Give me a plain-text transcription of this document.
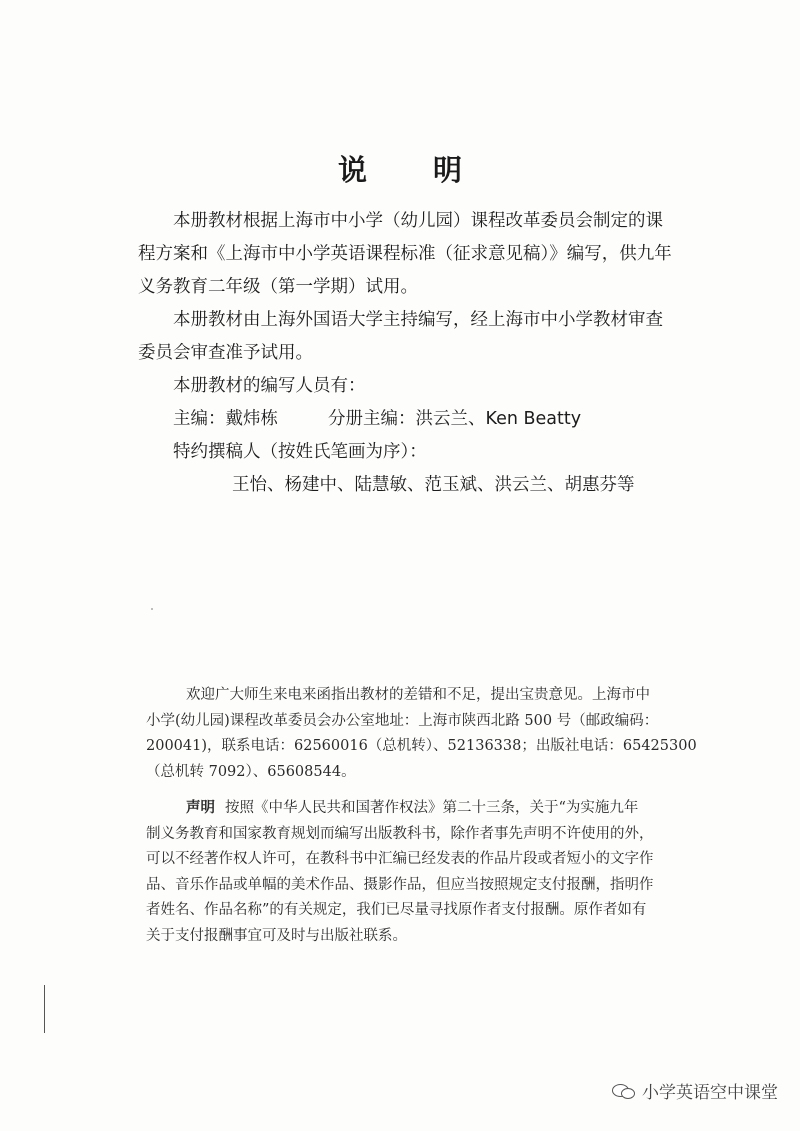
说 明
本册教材根据上海市中小学（幼儿园）课程改革委员会制定的课
程方案和《上海市中小学英语课程标准（征求意见稿）》编写，供九年
义务教育二年级（第一学期）试用。
本册教材由上海外国语大学主持编写，经上海市中小学教材审查
委员会审查准予试用。
本册教材的编写人员有：
主编：戴炜栋	分册主编：洪云兰、Ken Beatty
特约撰稿人（按姓氏笔画为序）：
王怡、杨建中、陆慧敏、范玉斌、洪云兰、胡惠芬等
欢迎广大师生来电来函指出教材的差错和不足，提出宝贵意见。上海市中
小学(幼儿园)课程改革委员会办公室地址：上海市陕西北路 500 号（邮政编码：
200041)，联系电话：62560016（总机转）、52136338；出版社电话：65425300
（总机转 7092）、65608544。
声明 按照《中华人民共和国著作权法》第二十三条，关于“为实施九年
制义务教育和国家教育规划而编写出版教科书，除作者事先声明不许使用的外，
可以不经著作权人许可，在教科书中汇编已经发表的作品片段或者短小的文字作
品、音乐作品或单幅的美术作品、摄影作品，但应当按照规定支付报酬，指明作
者姓名、作品名称”的有关规定，我们已尽量寻找原作者支付报酬。原作者如有
关于支付报酬事宜可及时与出版社联系。
小学英语空中课堂
